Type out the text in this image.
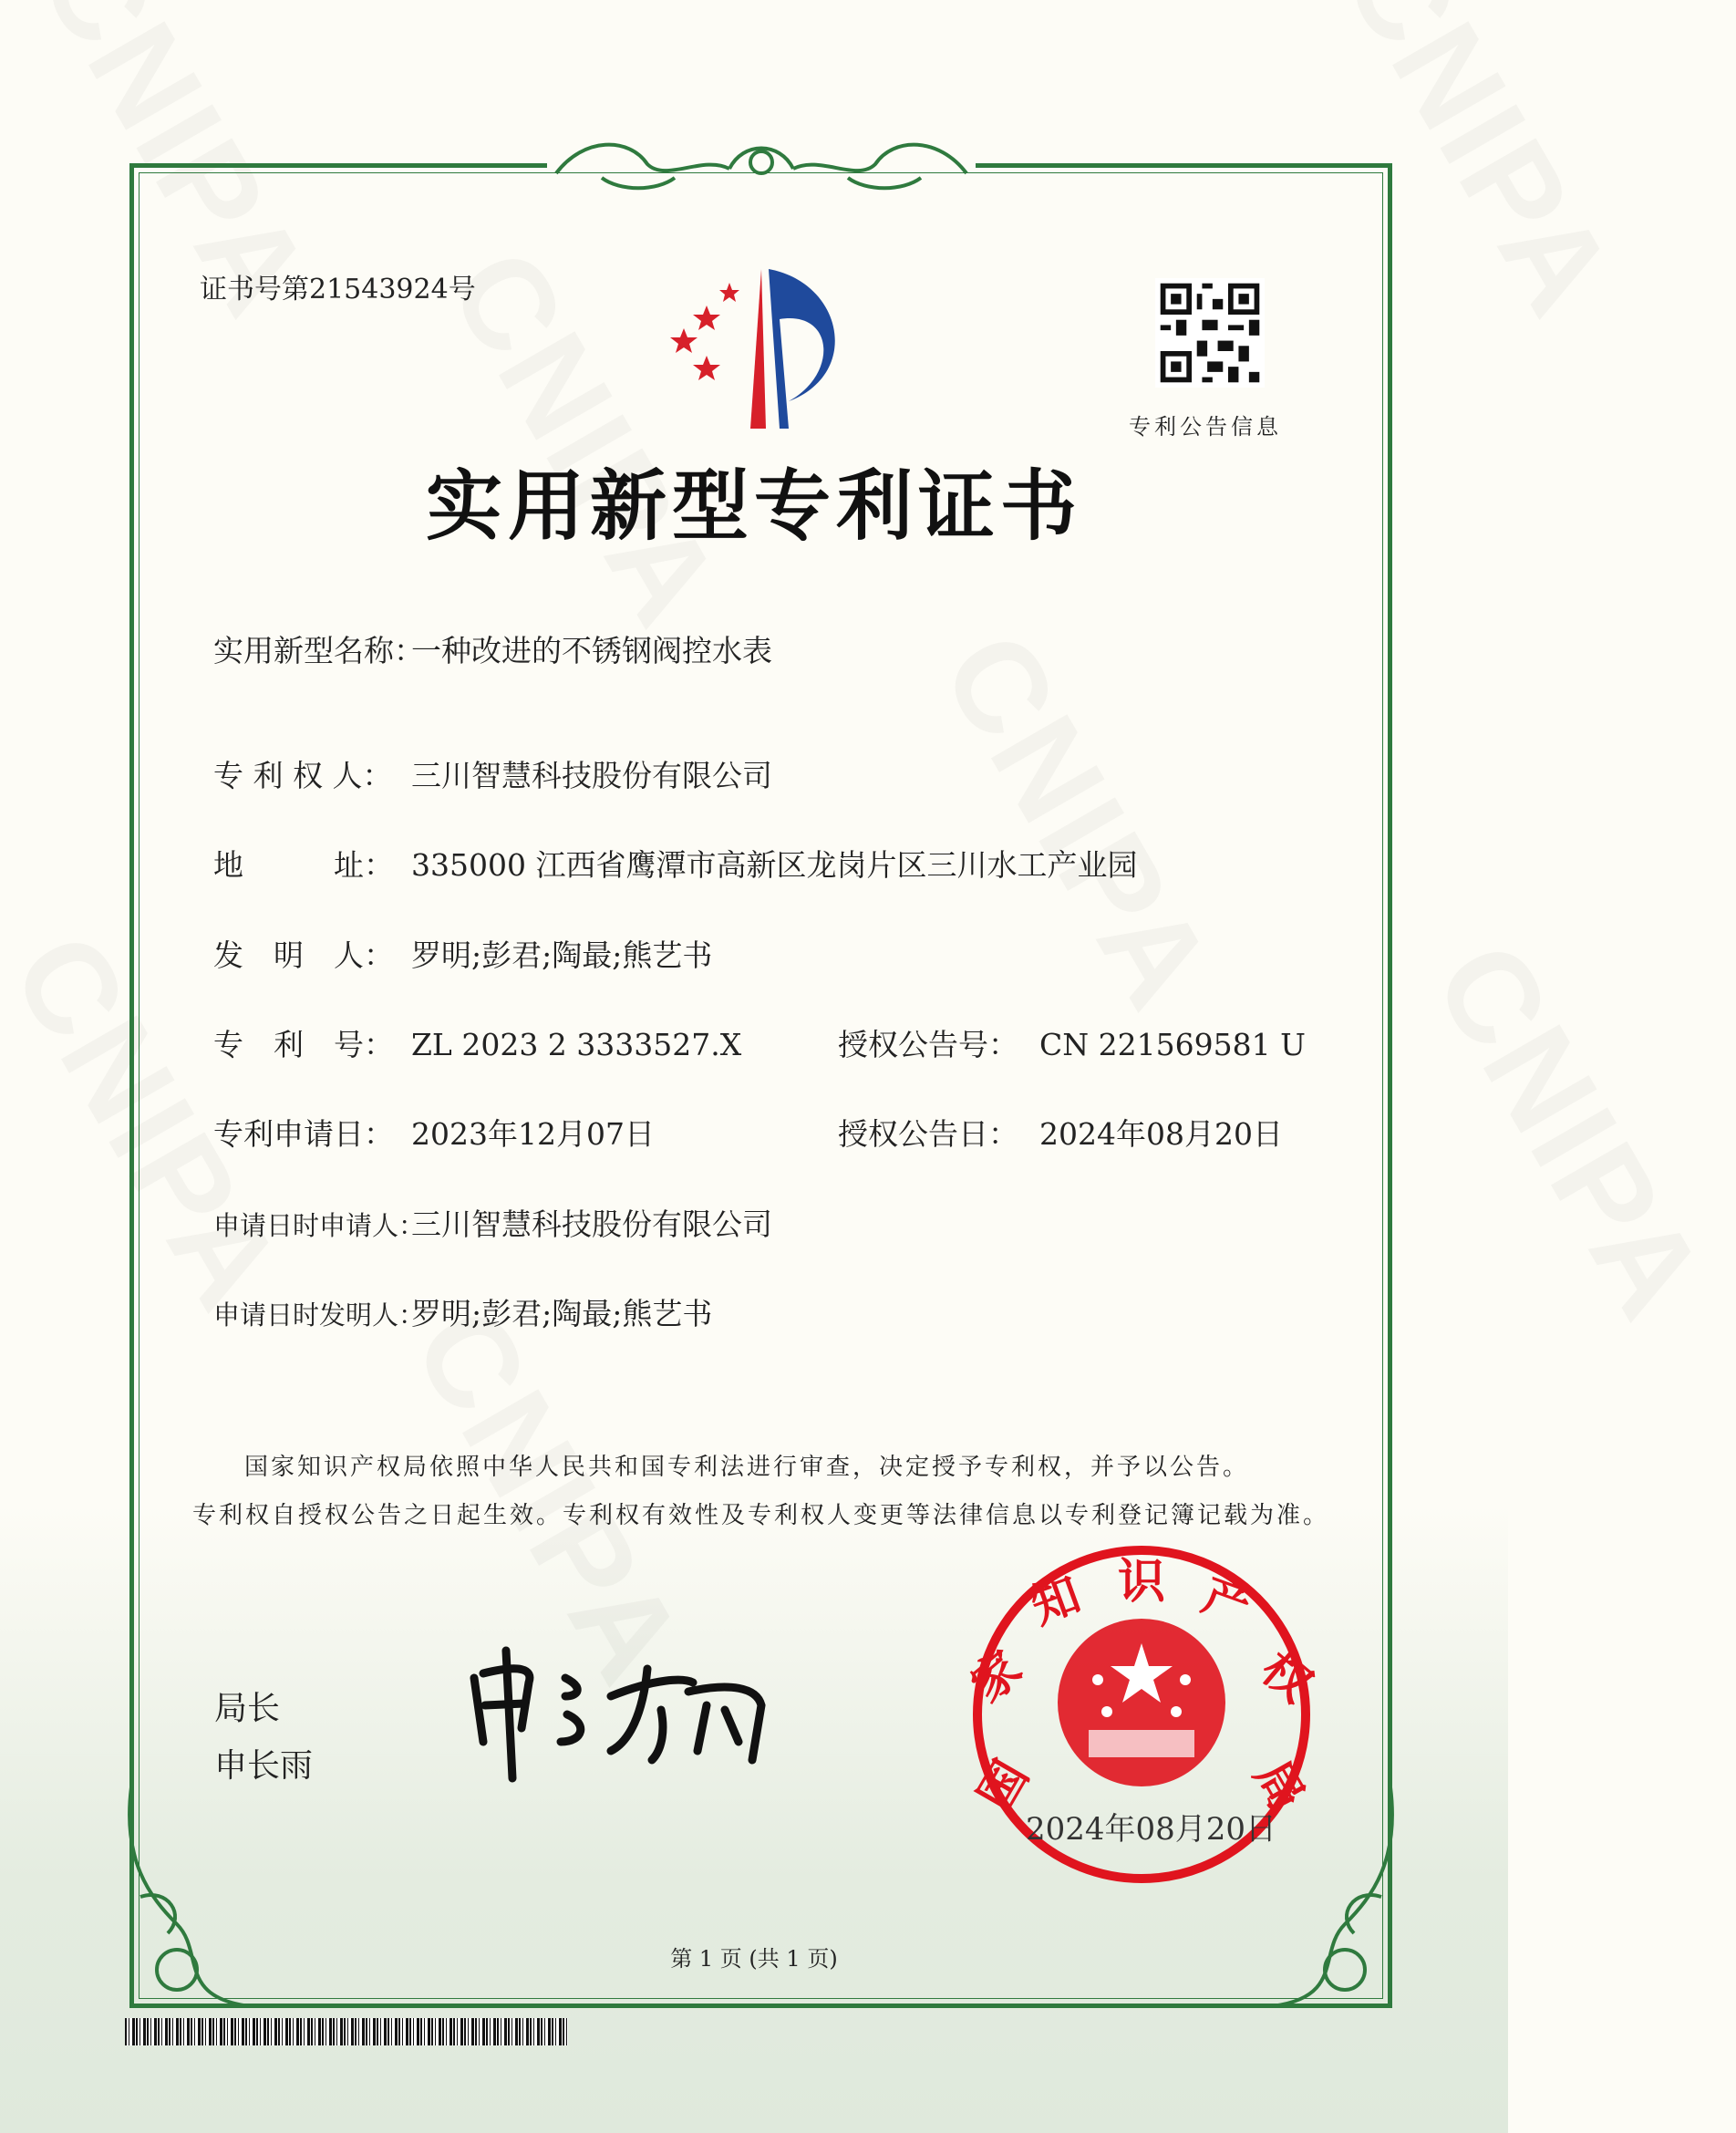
证书号第21543924号
专利公告信息
实用新型专利证书
实用新型名称：一种改进的不锈钢阀控水表
专 利 权 人： 三川智慧科技股份有限公司
地　　　址： 335000 江西省鹰潭市高新区龙岗片区三川水工产业园
发　明　人： 罗明;彭君;陶最;熊艺书
专　利　号： ZL 2023 2 3333527.X
专利申请日： 2023年12月07日
申请日时申请人：三川智慧科技股份有限公司
申请日时发明人：罗明;彭君;陶最;熊艺书
授权公告号： CN 221569581 U
授权公告日： 2024年08月20日
国家知识产权局依照中华人民共和国专利法进行审查，决定授予专利权，并予以公告。
专利权自授权公告之日起生效。专利权有效性及专利权人变更等法律信息以专利登记簿记载为准。
局长
申长雨	国
家
知 识 产
权
局
2024年08月20日
第 1 页 (共 1 页)
